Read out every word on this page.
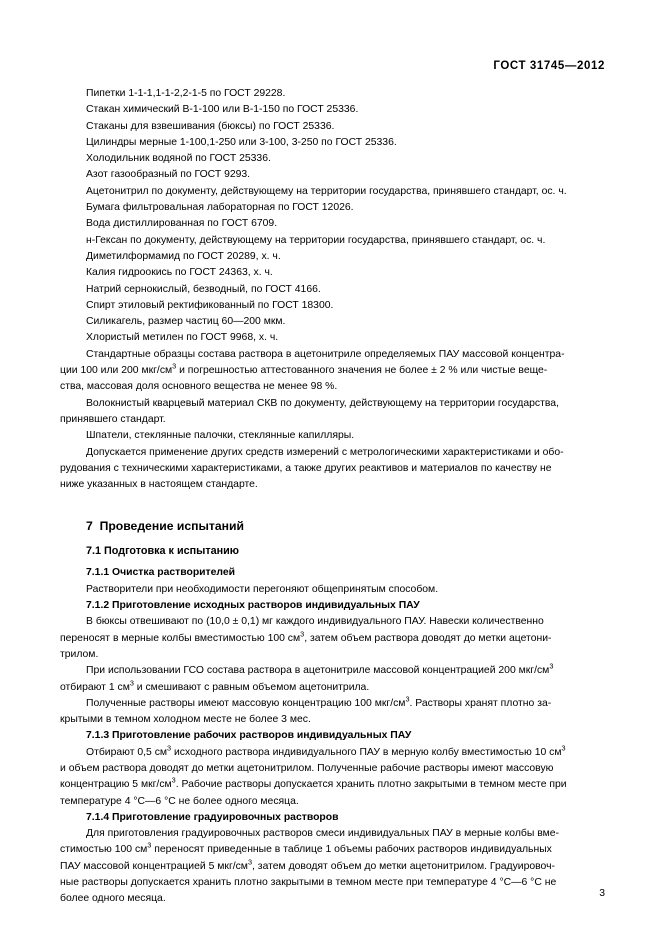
ГОСТ 31745—2012

Пипетки 1-1-1,1-1-2,2-1-5 по ГОСТ 29228.

Стакан химический В-1-100 или В-1-150 по ГОСТ 25336.

Стаканы для взвешивания (бюксы) по ГОСТ 25336.

Цилиндры мерные 1-100,1-250 или 3-100, 3-250 по ГОСТ 25336.

Холодильник водяной по ГОСТ 25336.

Азот газообразный по ГОСТ 9293.

Ацетонитрил по документу, действующему на территории государства, принявшего стандарт, ос. ч.

Бумага фильтровальная лабораторная по ГОСТ 12026.

Вода дистиллированная по ГОСТ 6709.

н-Гексан по документу, действующему на территории государства, принявшего стандарт, ос. ч.

Диметилформамид по ГОСТ 20289, х. ч.

Калия гидроокись по ГОСТ 24363, х. ч.

Натрий сернокислый, безводный, по ГОСТ 4166.

Спирт этиловый ректификованный по ГОСТ 18300.

Силикагель, размер частиц 60—200 мкм.

Хлористый метилен по ГОСТ 9968, х. ч.

Стандартные образцы состава раствора в ацетонитриле определяемых ПАУ массовой концентра-

ции 100 или 200 мкг/$см^3$ и погрешностью аттестованного значения не более ± 2 % или чистые веще-

ства, массовая доля основного вещества не менее 98 %.

Волокнистый кварцевый материал СКВ по документу, действующему на территории государства,

принявшего стандарт.

Шпатели, стеклянные палочки, стеклянные капилляры.

Допускается применение других средств измерений с метрологическими характеристиками и обо-

рудования с техническими характеристиками, а также других реактивов и материалов по качеству не

ниже указанных в настоящем стандарте.

7 Проведение испытаний
7.1 Подготовка к испытанию

7.1.1 Очистка растворителей

Растворители при необходимости перегоняют общепринятым способом.

7.1.2 Приготовление исходных растворов индивидуальных ПАУ

В бюксы отвешивают по (10,0 ± 0,1) мг каждого индивидуального ПАУ. Навески количественно

переносят в мерные колбы вместимостью 100 $см^3$, затем объем раствора доводят до метки ацетони-

трилом.

При использовании ГСО состава раствора в ацетонитриле массовой концентрацией 200 мкг/$см^3$

отбирают 1 $см^3$ и смешивают с равным объемом ацетонитрила.

Полученные растворы имеют массовую концентрацию 100 мкг/$см^3$. Растворы хранят плотно за-

крытыми в темном холодном месте не более 3 мес.

7.1.3 Приготовление рабочих растворов индивидуальных ПАУ

Отбирают 0,5 $см^3$ исходного раствора индивидуального ПАУ в мерную колбу вместимостью 10 $см^3$

и объем раствора доводят до метки ацетонитрилом. Полученные рабочие растворы имеют массовую

концентрацию 5 мкг/$см^3$. Рабочие растворы допускается хранить плотно закрытыми в темном месте при

температуре 4 °С—6 °С не более одного месяца.

7.1.4 Приготовление градуировочных растворов

Для приготовления градуировочных растворов смеси индивидуальных ПАУ в мерные колбы вме-

стимостью 100 $см^3$ переносят приведенные в таблице 1 объемы рабочих растворов индивидуальных

ПАУ массовой концентрацией 5 мкг/$см^3$, затем доводят объем до метки ацетонитрилом. Градуировоч-

ные растворы допускается хранить плотно закрытыми в темном месте при температуре 4 °С—6 °С не

более одного месяца.	3
